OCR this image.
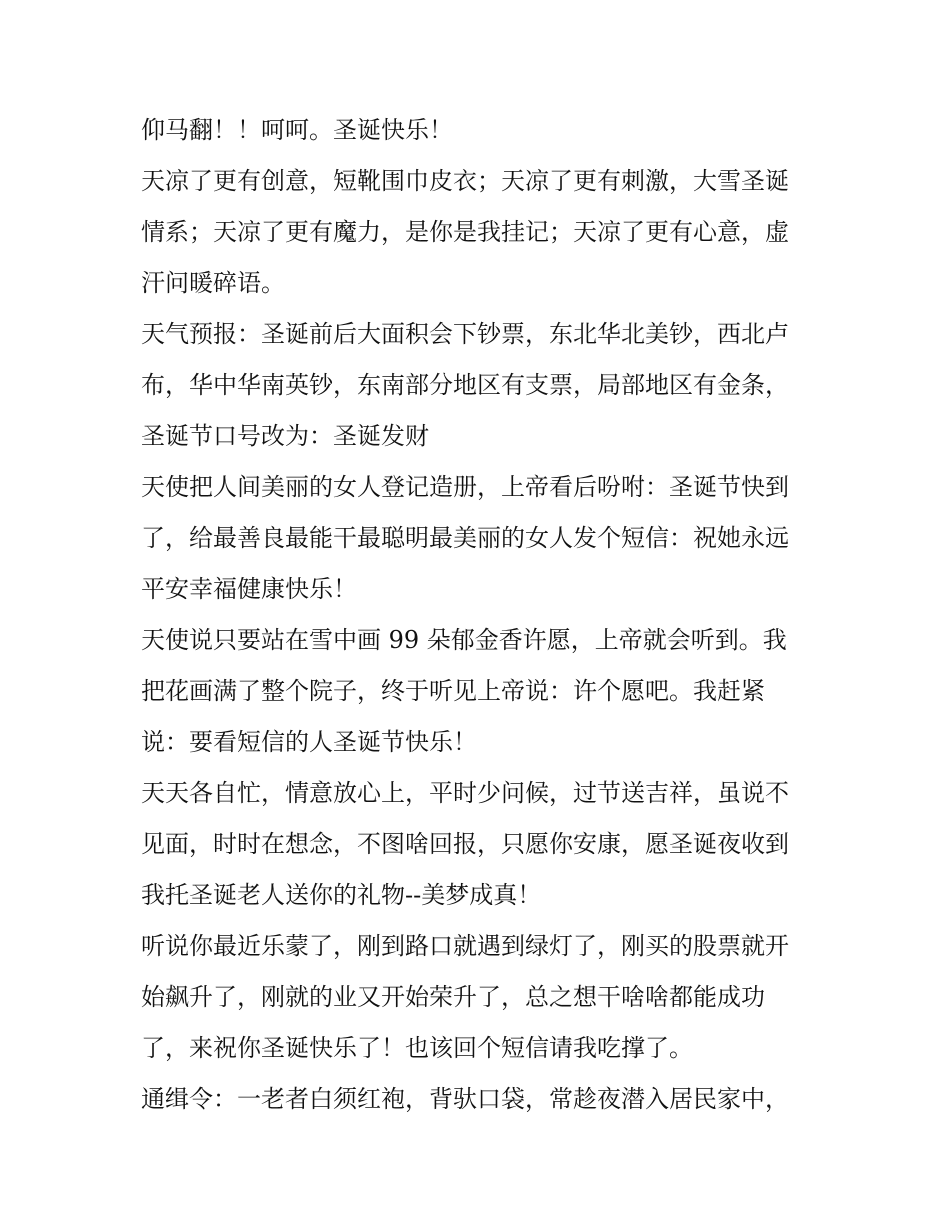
仰马翻！！呵呵。圣诞快乐！
天凉了更有创意，短靴围巾皮衣；天凉了更有刺激，大雪圣诞
情系；天凉了更有魔力，是你是我挂记；天凉了更有心意，虚
汗问暖碎语。
天气预报：圣诞前后大面积会下钞票，东北华北美钞，西北卢
布，华中华南英钞，东南部分地区有支票，局部地区有金条，
圣诞节口号改为：圣诞发财
天使把人间美丽的女人登记造册，上帝看后吩咐：圣诞节快到
了，给最善良最能干最聪明最美丽的女人发个短信：祝她永远
平安幸福健康快乐！
天使说只要站在雪中画 99 朵郁金香许愿，上帝就会听到。我
把花画满了整个院子，终于听见上帝说：许个愿吧。我赶紧
说：要看短信的人圣诞节快乐！
天天各自忙，情意放心上，平时少问候，过节送吉祥，虽说不
见面，时时在想念，不图啥回报，只愿你安康，愿圣诞夜收到
我托圣诞老人送你的礼物--美梦成真！
听说你最近乐蒙了，刚到路口就遇到绿灯了，刚买的股票就开
始飙升了，刚就的业又开始荣升了，总之想干啥啥都能成功
了，来祝你圣诞快乐了！也该回个短信请我吃撑了。
通缉令：一老者白须红袍，背驮口袋，常趁夜潜入居民家中，
